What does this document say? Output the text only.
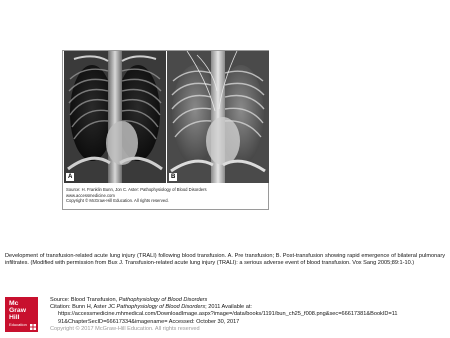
A	B
Source: H. Franklin Bunn, Jon C. Aster: Pathophysiology of Blood Disorders
www.accessmedicine.com
Copyright © McGraw-Hill Education. All rights reserved.
Development of transfusion-related acute lung injury (TRALI) following blood transfusion. A. Pre transfusion; B. Post-transfusion showing rapid emergence of bilateral pulmonary infiltrates. (Modified with permission from Bux J. Transfusion-related acute lung injury (TRALI): a serious adverse event of blood transfusion. Vox Sang 2005;89:1-10.)
Mc
Graw
Hill
Education
Source: Blood Transfusion, Pathophysiology of Blood Disorders
Citation: Bunn H, Aster JC Pathophysiology of Blood Disorders; 2011 Available at:
https://accessmedicine.mhmedical.com/DownloadImage.aspx?image=/data/books/1191/bun_ch25_f008.png&sec=66617381&BookID=11
91&ChapterSecID=66617334&imagename= Accessed: October 30, 2017
Copyright © 2017 McGraw-Hill Education. All rights reserved
